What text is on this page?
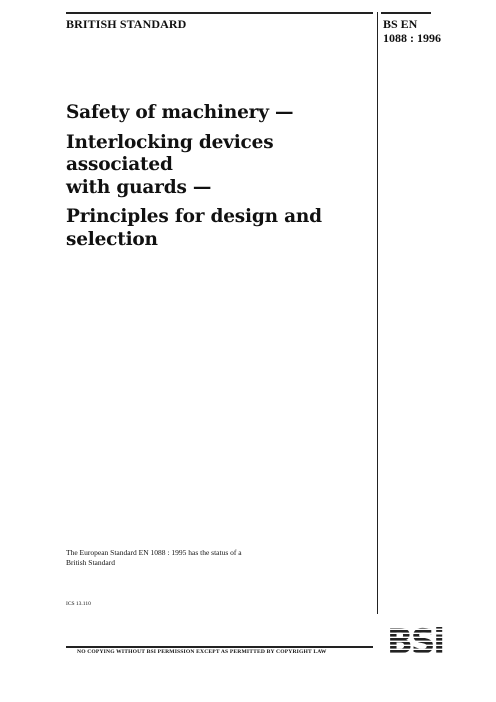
BRITISH STANDARD	BS EN
1088 : 1996
Safety of machinery —
Interlocking devices associated
with guards —
Principles for design and
selection
The European Standard EN 1088 : 1995 has the status of a
British Standard
ICS 13.110
NO COPYING WITHOUT BSI PERMISSION EXCEPT AS PERMITTED BY COPYRIGHT LAW
